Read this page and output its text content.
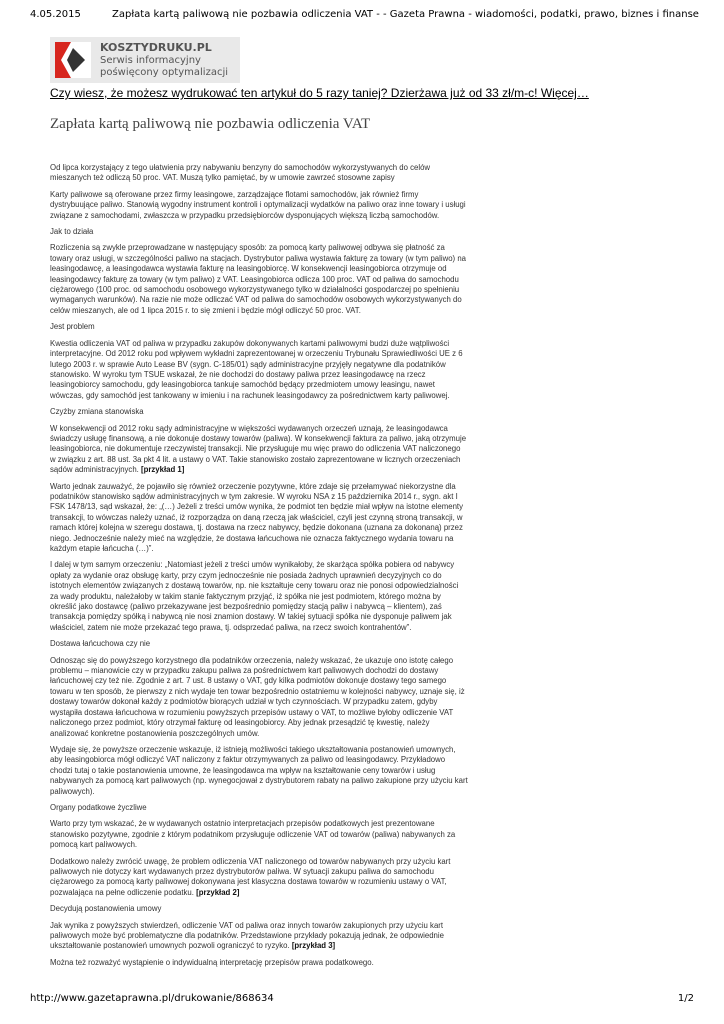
4.05.2015	Zapłata kartą paliwową nie pozbawia odliczenia VAT - - Gazeta Prawna - wiadomości, podatki, prawo, biznes i finanse
KOSZTYDRUKU.PL
Serwis informacyjny poświęcony optymalizacji
Czy wiesz, że możesz wydrukować ten artykuł do 5 razy taniej? Dzierżawa już od 33 zł/m-c! Więcej…
Zapłata kartą paliwową nie pozbawia odliczenia VAT

Od lipca korzystający z tego ułatwienia przy nabywaniu benzyny do samochodów wykorzystywanych do celów mieszanych też odliczą 50 proc. VAT. Muszą tylko pamiętać, by w umowie zawrzeć stosowne zapisy

Karty paliwowe są oferowane przez firmy leasingowe, zarządzające flotami samochodów, jak również firmy dystrybuujące paliwo. Stanowią wygodny instrument kontroli i optymalizacji wydatków na paliwo oraz inne towary i usługi związane z samochodami, zwłaszcza w przypadku przedsiębiorców dysponujących większą liczbą samochodów.

Jak to działa

Rozliczenia są zwykle przeprowadzane w następujący sposób: za pomocą karty paliwowej odbywa się płatność za towary oraz usługi, w szczególności paliwo na stacjach. Dystrybutor paliwa wystawia fakturę za towary (w tym paliwo) na leasingodawcę, a leasingodawca wystawia fakturę na leasingobiorcę. W konsekwencji leasingobiorca otrzymuje od leasingodawcy fakturę za towary (w tym paliwo) z VAT. Leasingobiorca odlicza 100 proc. VAT od paliwa do samochodu ciężarowego (100 proc. od samochodu osobowego wykorzystywanego tylko w działalności gospodarczej po spełnieniu wymaganych warunków). Na razie nie może odliczać VAT od paliwa do samochodów osobowych wykorzystywanych do celów mieszanych, ale od 1 lipca 2015 r. to się zmieni i będzie mógł odliczyć 50 proc. VAT.

Jest problem

Kwestia odliczenia VAT od paliwa w przypadku zakupów dokonywanych kartami paliwowymi budzi duże wątpliwości interpretacyjne. Od 2012 roku pod wpływem wykładni zaprezentowanej w orzeczeniu Trybunału Sprawiedliwości UE z 6 lutego 2003 r. w sprawie Auto Lease BV (sygn. C-185/01) sądy administracyjne przyjęły negatywne dla podatników stanowisko. W wyroku tym TSUE wskazał, że nie dochodzi do dostawy paliwa przez leasingodawcę na rzecz leasingobiorcy samochodu, gdy leasingobiorca tankuje samochód będący przedmiotem umowy leasingu, nawet wówczas, gdy samochód jest tankowany w imieniu i na rachunek leasingodawcy za pośrednictwem karty paliwowej.

Czyżby zmiana stanowiska

W konsekwencji od 2012 roku sądy administracyjne w większości wydawanych orzeczeń uznają, że leasingodawca świadczy usługę finansową, a nie dokonuje dostawy towarów (paliwa). W konsekwencji faktura za paliwo, jaką otrzymuje leasingobiorca, nie dokumentuje rzeczywistej transakcji. Nie przysługuje mu więc prawo do odliczenia VAT naliczonego w związku z art. 88 ust. 3a pkt 4 lit. a ustawy o VAT. Takie stanowisko zostało zaprezentowane w licznych orzeczeniach sądów administracyjnych. [przykład 1]

Warto jednak zauważyć, że pojawiło się również orzeczenie pozytywne, które zdaje się przełamywać niekorzystne dla podatników stanowisko sądów administracyjnych w tym zakresie. W wyroku NSA z 15 października 2014 r., sygn. akt I FSK 1478/13, sąd wskazał, że: „(…) Jeżeli z treści umów wynika, że podmiot ten będzie miał wpływ na istotne elementy transakcji, to wówczas należy uznać, iż rozporządza on daną rzeczą jak właściciel, czyli jest czynną stroną transakcji, w ramach której kolejna w szeregu dostawa, tj. dostawa na rzecz nabywcy, będzie dokonana (uznana za dokonaną) przez niego. Jednocześnie należy mieć na względzie, że dostawa łańcuchowa nie oznacza faktycznego wydania towaru na każdym etapie łańcucha (…)”.

I dalej w tym samym orzeczeniu: „Natomiast jeżeli z treści umów wynikałoby, że skarżąca spółka pobiera od nabywcy opłaty za wydanie oraz obsługę karty, przy czym jednocześnie nie posiada żadnych uprawnień decyzyjnych co do istotnych elementów związanych z dostawą towarów, np. nie kształtuje ceny towaru oraz nie ponosi odpowiedzialności za wady produktu, należałoby w takim stanie faktycznym przyjąć, iż spółka nie jest podmiotem, którego można by określić jako dostawcę (paliwo przekazywane jest bezpośrednio pomiędzy stacją paliw i nabywcą – klientem), zaś transakcja pomiędzy spółką i nabywcą nie nosi znamion dostawy. W takiej sytuacji spółka nie dysponuje paliwem jak właściciel, zatem nie może przekazać tego prawa, tj. odsprzedać paliwa, na rzecz swoich kontrahentów”.

Dostawa łańcuchowa czy nie

Odnosząc się do powyższego korzystnego dla podatników orzeczenia, należy wskazać, że ukazuje ono istotę całego problemu – mianowicie czy w przypadku zakupu paliwa za pośrednictwem kart paliwowych dochodzi do dostawy łańcuchowej czy też nie. Zgodnie z art. 7 ust. 8 ustawy o VAT, gdy kilka podmiotów dokonuje dostawy tego samego towaru w ten sposób, że pierwszy z nich wydaje ten towar bezpośrednio ostatniemu w kolejności nabywcy, uznaje się, iż dostawy towarów dokonał każdy z podmiotów biorących udział w tych czynnościach. W przypadku zatem, gdyby wystąpiła dostawa łańcuchowa w rozumieniu powyższych przepisów ustawy o VAT, to możliwe byłoby odliczenie VAT naliczonego przez podmiot, który otrzymał fakturę od leasingobiorcy. Aby jednak przesądzić tę kwestię, należy analizować konkretne postanowienia poszczególnych umów.

Wydaje się, że powyższe orzeczenie wskazuje, iż istnieją możliwości takiego ukształtowania postanowień umownych, aby leasingobiorca mógł odliczyć VAT naliczony z faktur otrzymywanych za paliwo od leasingodawcy. Przykładowo chodzi tutaj o takie postanowienia umowne, że leasingodawca ma wpływ na kształtowanie ceny towarów i usług nabywanych za pomocą kart paliwowych (np. wynegocjował z dystrybutorem rabaty na paliwo zakupione przy użyciu kart paliwowych).

Organy podatkowe życzliwe

Warto przy tym wskazać, że w wydawanych ostatnio interpretacjach przepisów podatkowych jest prezentowane stanowisko pozytywne, zgodnie z którym podatnikom przysługuje odliczenie VAT od towarów (paliwa) nabywanych za pomocą kart paliwowych.

Dodatkowo należy zwrócić uwagę, że problem odliczenia VAT naliczonego od towarów nabywanych przy użyciu kart paliwowych nie dotyczy kart wydawanych przez dystrybutorów paliwa. W sytuacji zakupu paliwa do samochodu ciężarowego za pomocą karty paliwowej dokonywana jest klasyczna dostawa towarów w rozumieniu ustawy o VAT, pozwalająca na pełne odliczenie podatku. [przykład 2]

Decydują postanowienia umowy

Jak wynika z powyższych stwierdzeń, odliczenie VAT od paliwa oraz innych towarów zakupionych przy użyciu kart paliwowych może być problematyczne dla podatników. Przedstawione przykłady pokazują jednak, że odpowiednie ukształtowanie postanowień umownych pozwoli ograniczyć to ryzyko. [przykład 3]

Można też rozważyć wystąpienie o indywidualną interpretację przepisów prawa podatkowego.

http://www.gazetaprawna.pl/drukowanie/868634	1/2
